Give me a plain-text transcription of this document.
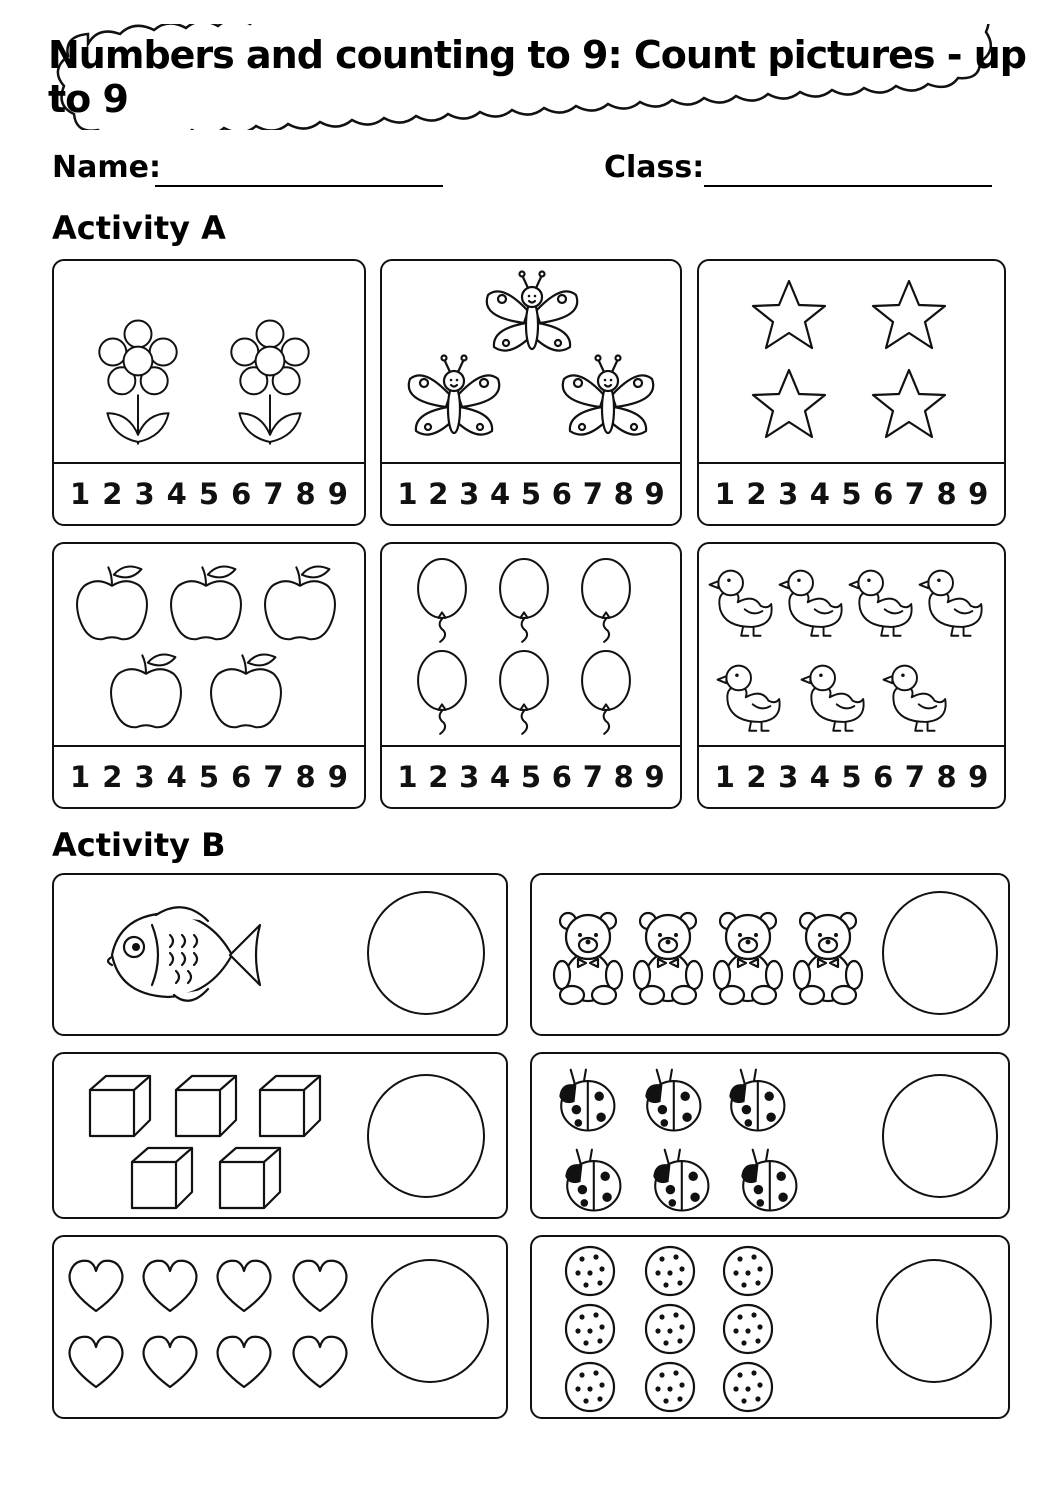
Numbers and counting to 9: Count pictures - up to 9
Name:	Class:
Activity A
1 2 3 4 5 6 7 8 9 1 2 3 4 5 6 7 8 9 1 2 3 4 5 6 7 8 9
1 2 3 4 5 6 7 8 9 1 2 3 4 5 6 7 8 9 1 2 3 4 5 6 7 8 9
Activity B
